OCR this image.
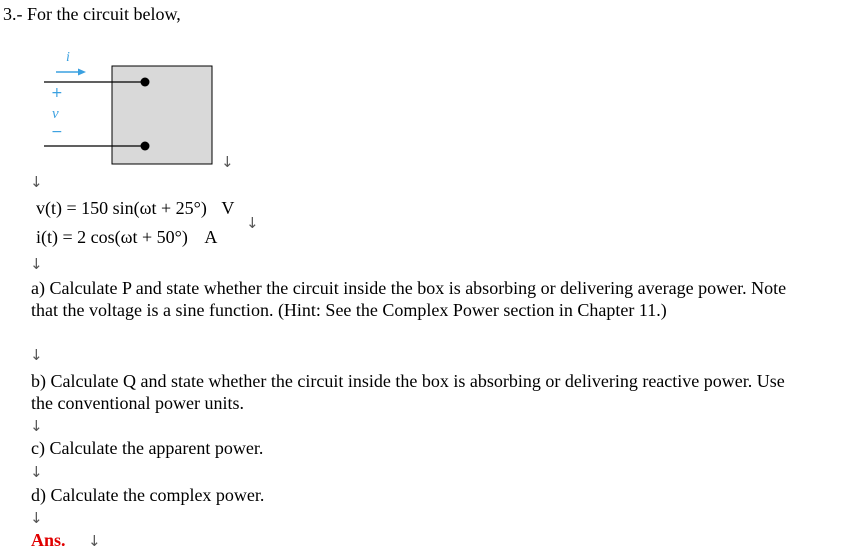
3.- For the circuit below,
i
+
v
−
↓
↓
v(t) = 150 sin(ωt + 25°) V
↓
i(t) = 2 cos(ωt + 50°) A
↓
a) Calculate P and state whether the circuit inside the box is absorbing or delivering average power. Note that the voltage is a sine function. (Hint: See the Complex Power section in Chapter 11.)
↓
b) Calculate Q and state whether the circuit inside the box is absorbing or delivering reactive power. Use the conventional power units.
↓
c) Calculate the apparent power.
↓
d) Calculate the complex power.
↓
Ans. ↓
